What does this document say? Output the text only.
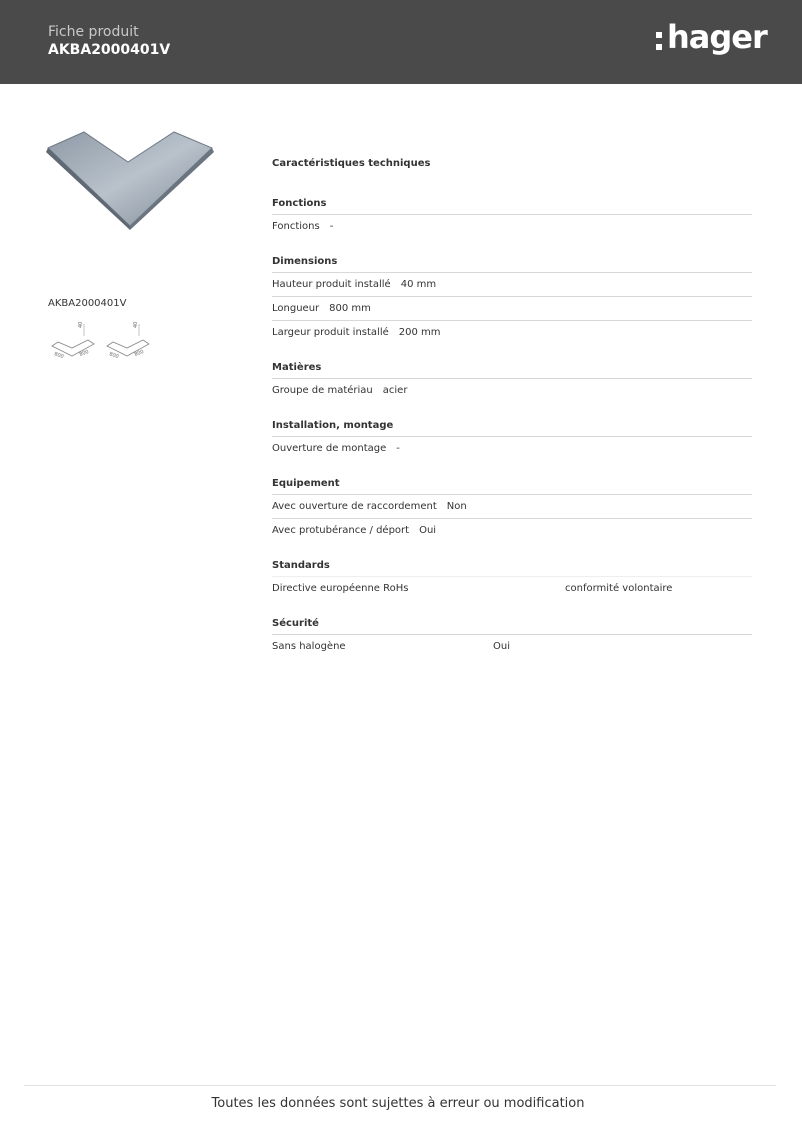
Fiche produit
AKBA2000401V	hager
AKBA2000401V
40
800	800
40
800	800
Caractéristiques techniques
Fonctions
Fonctions -
Dimensions
Hauteur produit installé 40 mm
Longueur 800 mm
Largeur produit installé 200 mm
Matières
Groupe de matériau acier
Installation, montage
Ouverture de montage -
Equipement
Avec ouverture de raccordement Non
Avec protubérance / déport Oui
Standards
Directive européenne RoHs	conformité volontaire
Sécurité
Sans halogène	Oui
Toutes les données sont sujettes à erreur ou modification
